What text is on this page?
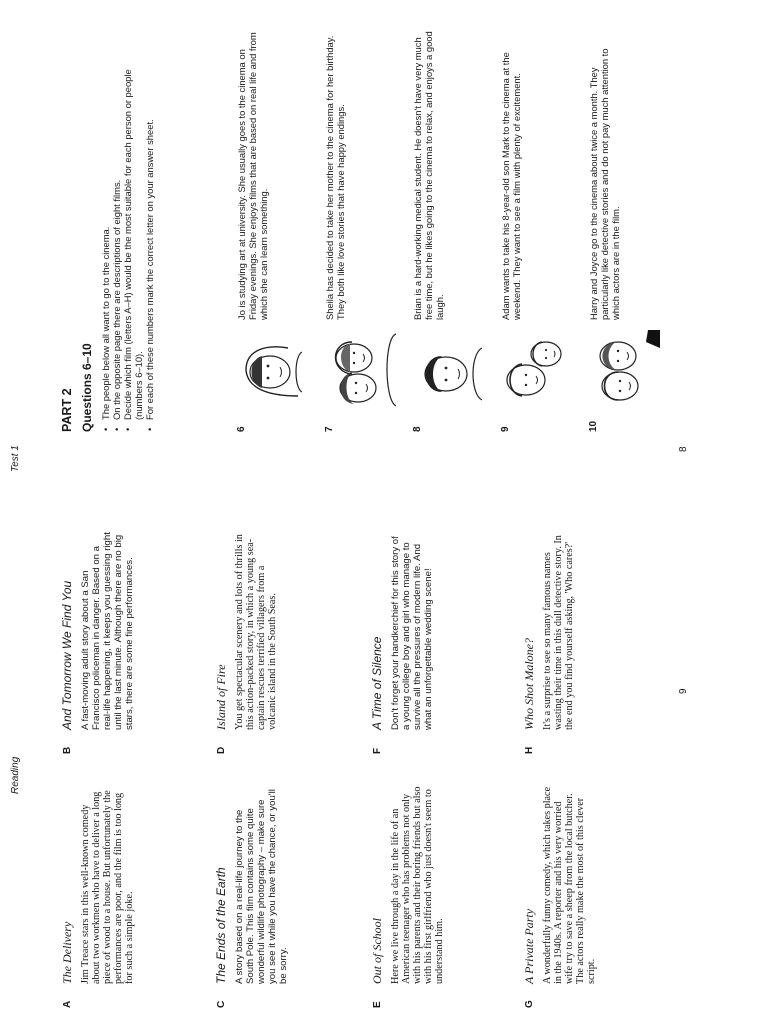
Reading
A
The Delivery Jim Treace stars in this well-known comedy about two workmen who have to deliver a long piece of wood to a house. But unfortunately the performances are poor, and the film is too long for such a simple joke.
B
And Tomorrow We Find You A fast-moving adult story about a San Francisco policeman in danger. Based on a real-life happening, it keeps you guessing right until the last minute. Although there are no big stars, there are some fine performances.
C
The Ends of the Earth A story based on a real-life journey to the South Pole. This film contains some quite wonderful wildlife photography – make sure you see it while you have the chance, or you'll be sorry.
D
Island of Fire You get spectacular scenery and lots of thrills in this action-packed story, in which a young sea-captain rescues terrified villagers from a volcanic island in the South Seas.
E
Out of School Here we live through a day in the life of an American teenager who has problems not only with his parents and their boring friends but also with his first girlfriend who just doesn't seem to understand him.
F
A Time of Silence Don't forget your handkerchief for this story of a young college boy and girl who manage to survive all the pressures of modern life. And what an unforgettable wedding scene!
G
A Private Party A wonderfully funny comedy, which takes place in the 1940s. A reporter and his very worried wife try to save a sheep from the local butcher. The actors really make the most of this clever script.
H
Who Shot Malone? It's a surprise to see so many famous names wasting their time in this dull detective story. In the end you find yourself asking, 'Who cares?'	9
Test 1
PART 2 Questions 6–10 • The people below all want to go to the cinema. • On the opposite page there are descriptions of eight films. • Decide which film (letters A–H) would be the most suitable for each person or people (numbers 6–10). • For each of these numbers mark the correct letter on your answer sheet.
6
Jo is studying art at university. She usually goes to the cinema on Friday evenings. She enjoys films that are based on real life and from which she can learn something.
7
Sheila has decided to take her mother to the cinema for her birthday. They both like love stories that have happy endings.
8
Brian is a hard-working medical student. He doesn't have very much free time, but he likes going to the cinema to relax, and enjoys a good laugh.
9
Adam wants to take his 8-year-old son Mark to the cinema at the weekend. They want to see a film with plenty of excitement.
10
Harry and Joyce go to the cinema about twice a month. They particularly like detective stories and do not pay much attention to which actors are in the film.
8
